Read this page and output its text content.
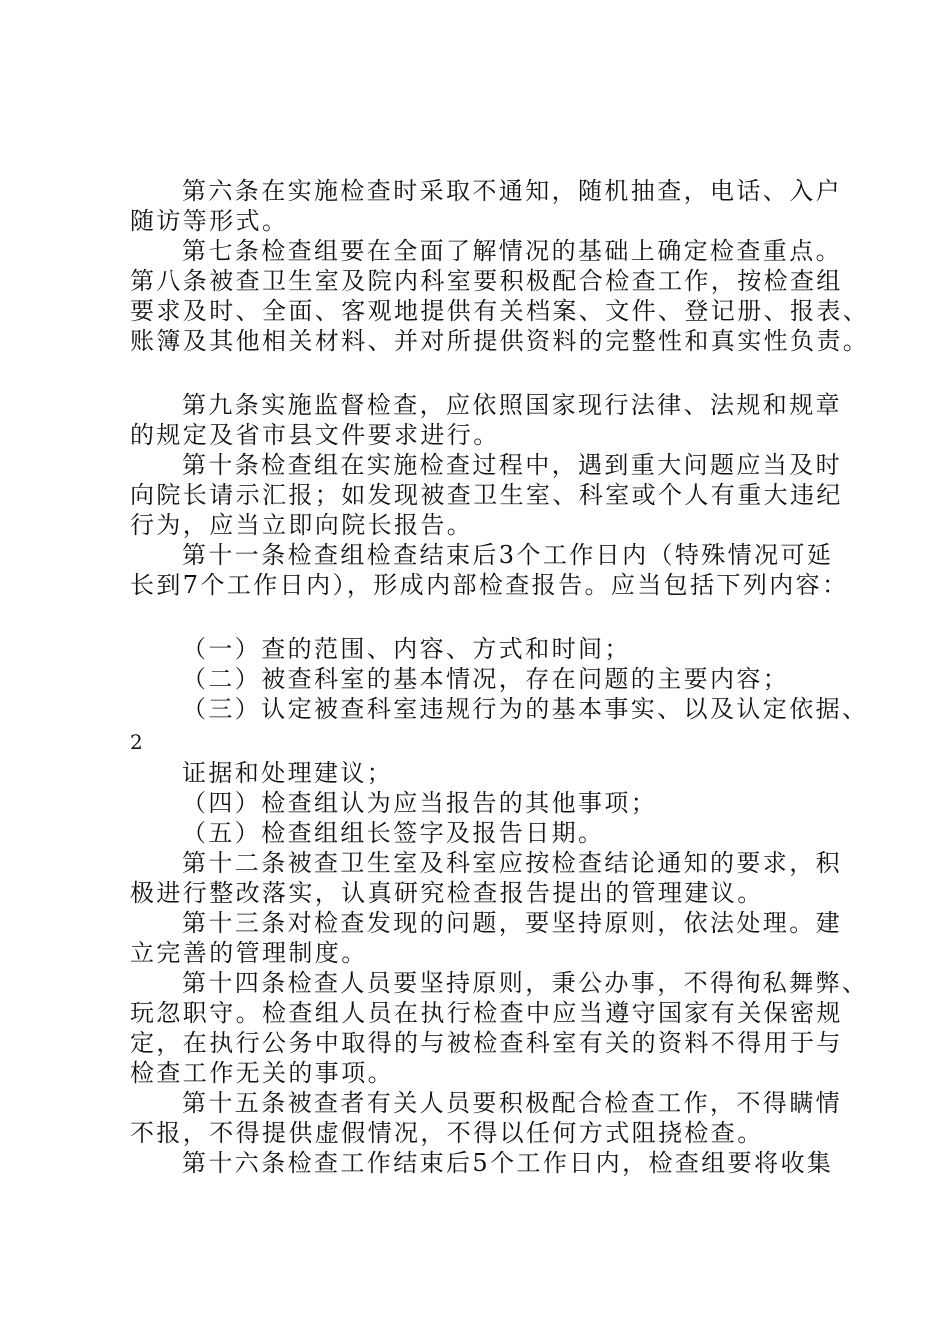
第六条在实施检查时采取不通知，随机抽查，电话、入户

随访等形式。

第七条检查组要在全面了解情况的基础上确定检查重点。

第八条被查卫生室及院内科室要积极配合检查工作，按检查组

要求及时、全面、客观地提供有关档案、文件、登记册、报表、

账簿及其他相关材料、并对所提供资料的完整性和真实性负责。

第九条实施监督检查，应依照国家现行法律、法规和规章

的规定及省市县文件要求进行。

第十条检查组在实施检查过程中，遇到重大问题应当及时

向院长请示汇报；如发现被查卫生室、科室或个人有重大违纪

行为，应当立即向院长报告。

第十一条检查组检查结束后3个工作日内（特殊情况可延

长到7个工作日内），形成内部检查报告。应当包括下列内容：

（一）查的范围、内容、方式和时间；

（二）被查科室的基本情况，存在问题的主要内容；

（三）认定被查科室违规行为的基本事实、以及认定依据、

2

证据和处理建议；

（四）检查组认为应当报告的其他事项；

（五）检查组组长签字及报告日期。

第十二条被查卫生室及科室应按检查结论通知的要求，积

极进行整改落实，认真研究检查报告提出的管理建议。

第十三条对检查发现的问题，要坚持原则，依法处理。建

立完善的管理制度。

第十四条检查人员要坚持原则，秉公办事，不得徇私舞弊、

玩忽职守。检查组人员在执行检查中应当遵守国家有关保密规

定，在执行公务中取得的与被检查科室有关的资料不得用于与

检查工作无关的事项。

第十五条被查者有关人员要积极配合检查工作，不得瞒情

不报，不得提供虚假情况，不得以任何方式阻挠检查。

第十六条检查工作结束后5个工作日内，检查组要将收集
